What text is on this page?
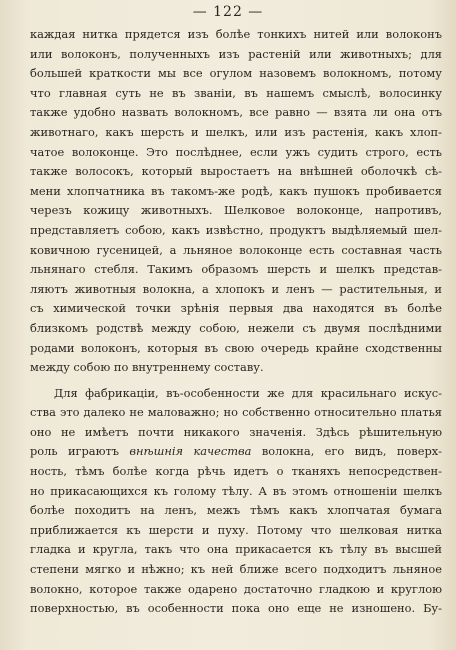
— 122 —
каждая нитка прядется изъ болѣе тонкихъ нитей или волоконъ
или волоконъ, полученныхъ изъ растеній или животныхъ; для
большей краткости мы все огулом назовемъ волокномъ, потому
что главная суть не въ званіи, въ нашемъ смыслѣ, волосинку
также удобно назвать волокномъ, все равно — взята ли она отъ
животнаго, какъ шерсть и шелкъ, или изъ растенія, какъ хлоп-
чатое волоконце. Это послѣднее, если ужъ судить строго, есть
также волосокъ, который выростаетъ на внѣшней оболочкѣ сѣ-
мени хлопчатника въ такомъ-же родѣ, какъ пушокъ пробивается
черезъ кожицу животныхъ. Шелковое волоконце, напротивъ,
представляетъ собою, какъ извѣстно, продуктъ выдѣляемый шел-
ковичною гусеницей, а льняное волоконце есть составная часть
льнянаго стебля. Такимъ образомъ шерсть и шелкъ представ-
ляютъ животныя волокна, а хлопокъ и ленъ — растительныя, и
съ химической точки зрѣнія первыя два находятся въ болѣе
близкомъ родствѣ между собою, нежели съ двумя послѣдними
родами волоконъ, которыя въ свою очередь крайне сходственны
между собою по внутреннему составу.
Для фабрикаціи, въ-особенности же для красильнаго искус-
ства это далеко не маловажно; но собственно относительно платья
оно не имѣетъ почти никакого значенія. Здѣсь рѣшительную
роль играютъ внѣшнія качества волокна, его видъ, поверх-
ность, тѣмъ болѣе когда рѣчь идетъ о тканяхъ непосредствен-
но прикасающихся къ голому тѣлу. А въ этомъ отношеніи шелкъ
болѣе походитъ на ленъ, межъ тѣмъ какъ хлопчатая бумага
приближается къ шерсти и пуху. Потому что шелковая нитка
гладка и кругла, такъ что она прикасается къ тѣлу въ высшей
степени мягко и нѣжно; къ ней ближе всего подходитъ льняное
волокно, которое также одарено достаточно гладкою и круглою
поверхностью, въ особенности пока оно еще не изношено. Бу-
